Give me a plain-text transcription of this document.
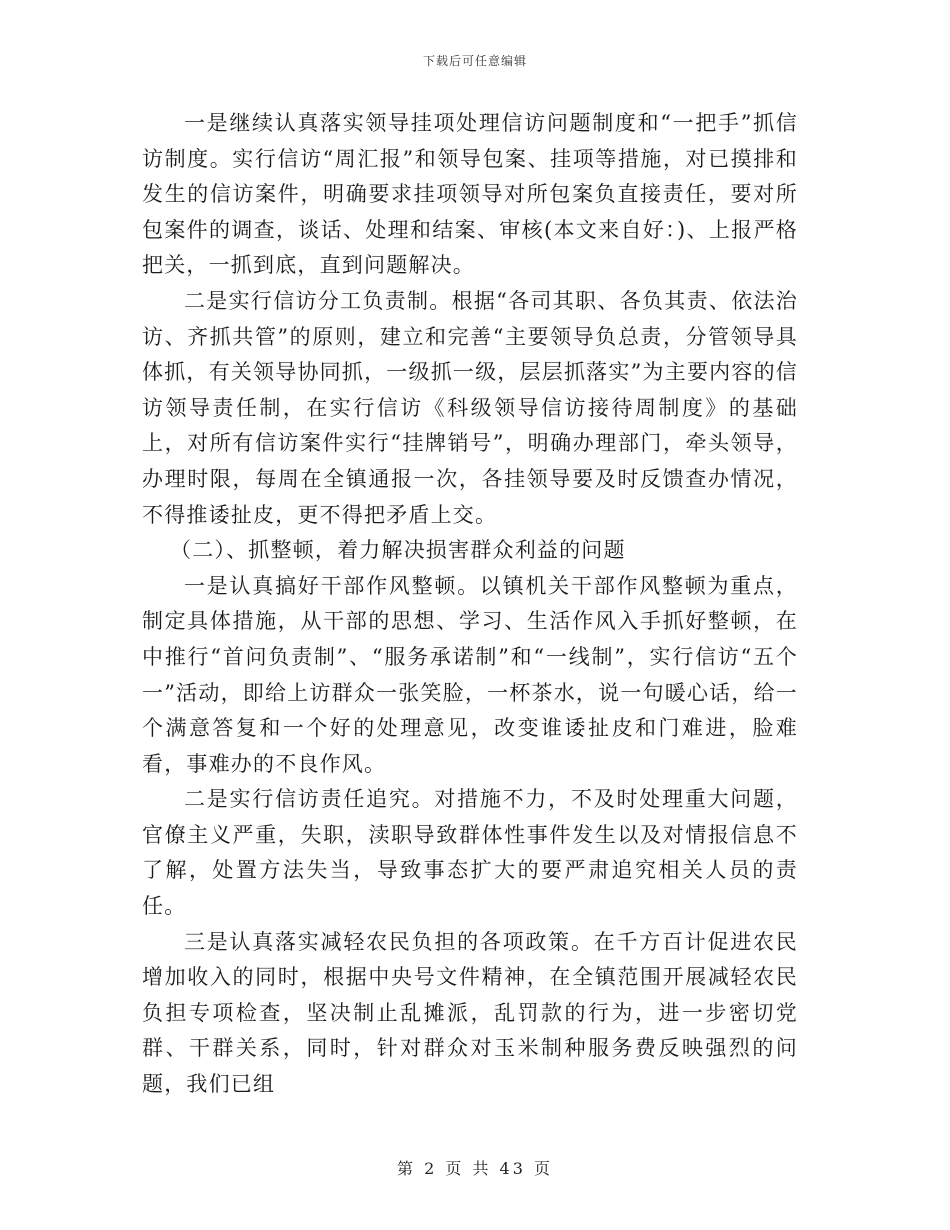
下载后可任意编辑

一是继续认真落实领导挂项处理信访问题制度和“一把手”抓信访制度。实行信访“周汇报”和领导包案、挂项等措施，对已摸排和发生的信访案件，明确要求挂项领导对所包案负直接责任，要对所包案件的调查，谈话、处理和结案、审核(本文来自好：)、上报严格把关，一抓到底，直到问题解决。

二是实行信访分工负责制。根据“各司其职、各负其责、依法治访、齐抓共管”的原则，建立和完善“主要领导负总责，分管领导具体抓，有关领导协同抓，一级抓一级，层层抓落实”为主要内容的信访领导责任制，在实行信访《科级领导信访接待周制度》的基础上，对所有信访案件实行“挂牌销号”，明确办理部门，牵头领导，办理时限，每周在全镇通报一次，各挂领导要及时反馈查办情况，不得推诿扯皮，更不得把矛盾上交。

（二）、抓整顿，着力解决损害群众利益的问题

一是认真搞好干部作风整顿。以镇机关干部作风整顿为重点，制定具体措施，从干部的思想、学习、生活作风入手抓好整顿，在中推行“首问负责制”、“服务承诺制”和“一线制”，实行信访“五个一”活动，即给上访群众一张笑脸，一杯茶水，说一句暖心话，给一个满意答复和一个好的处理意见，改变谁诿扯皮和门难进，脸难看，事难办的不良作风。

二是实行信访责任追究。对措施不力，不及时处理重大问题，官僚主义严重，失职，渎职导致群体性事件发生以及对情报信息不了解，处置方法失当，导致事态扩大的要严肃追究相关人员的责任。

三是认真落实减轻农民负担的各项政策。在千方百计促进农民增加收入的同时，根据中央号文件精神，在全镇范围开展减轻农民负担专项检查，坚决制止乱摊派，乱罚款的行为，进一步密切党群、干群关系，同时，针对群众对玉米制种服务费反映强烈的问题，我们已组

第 2 页 共 43 页
